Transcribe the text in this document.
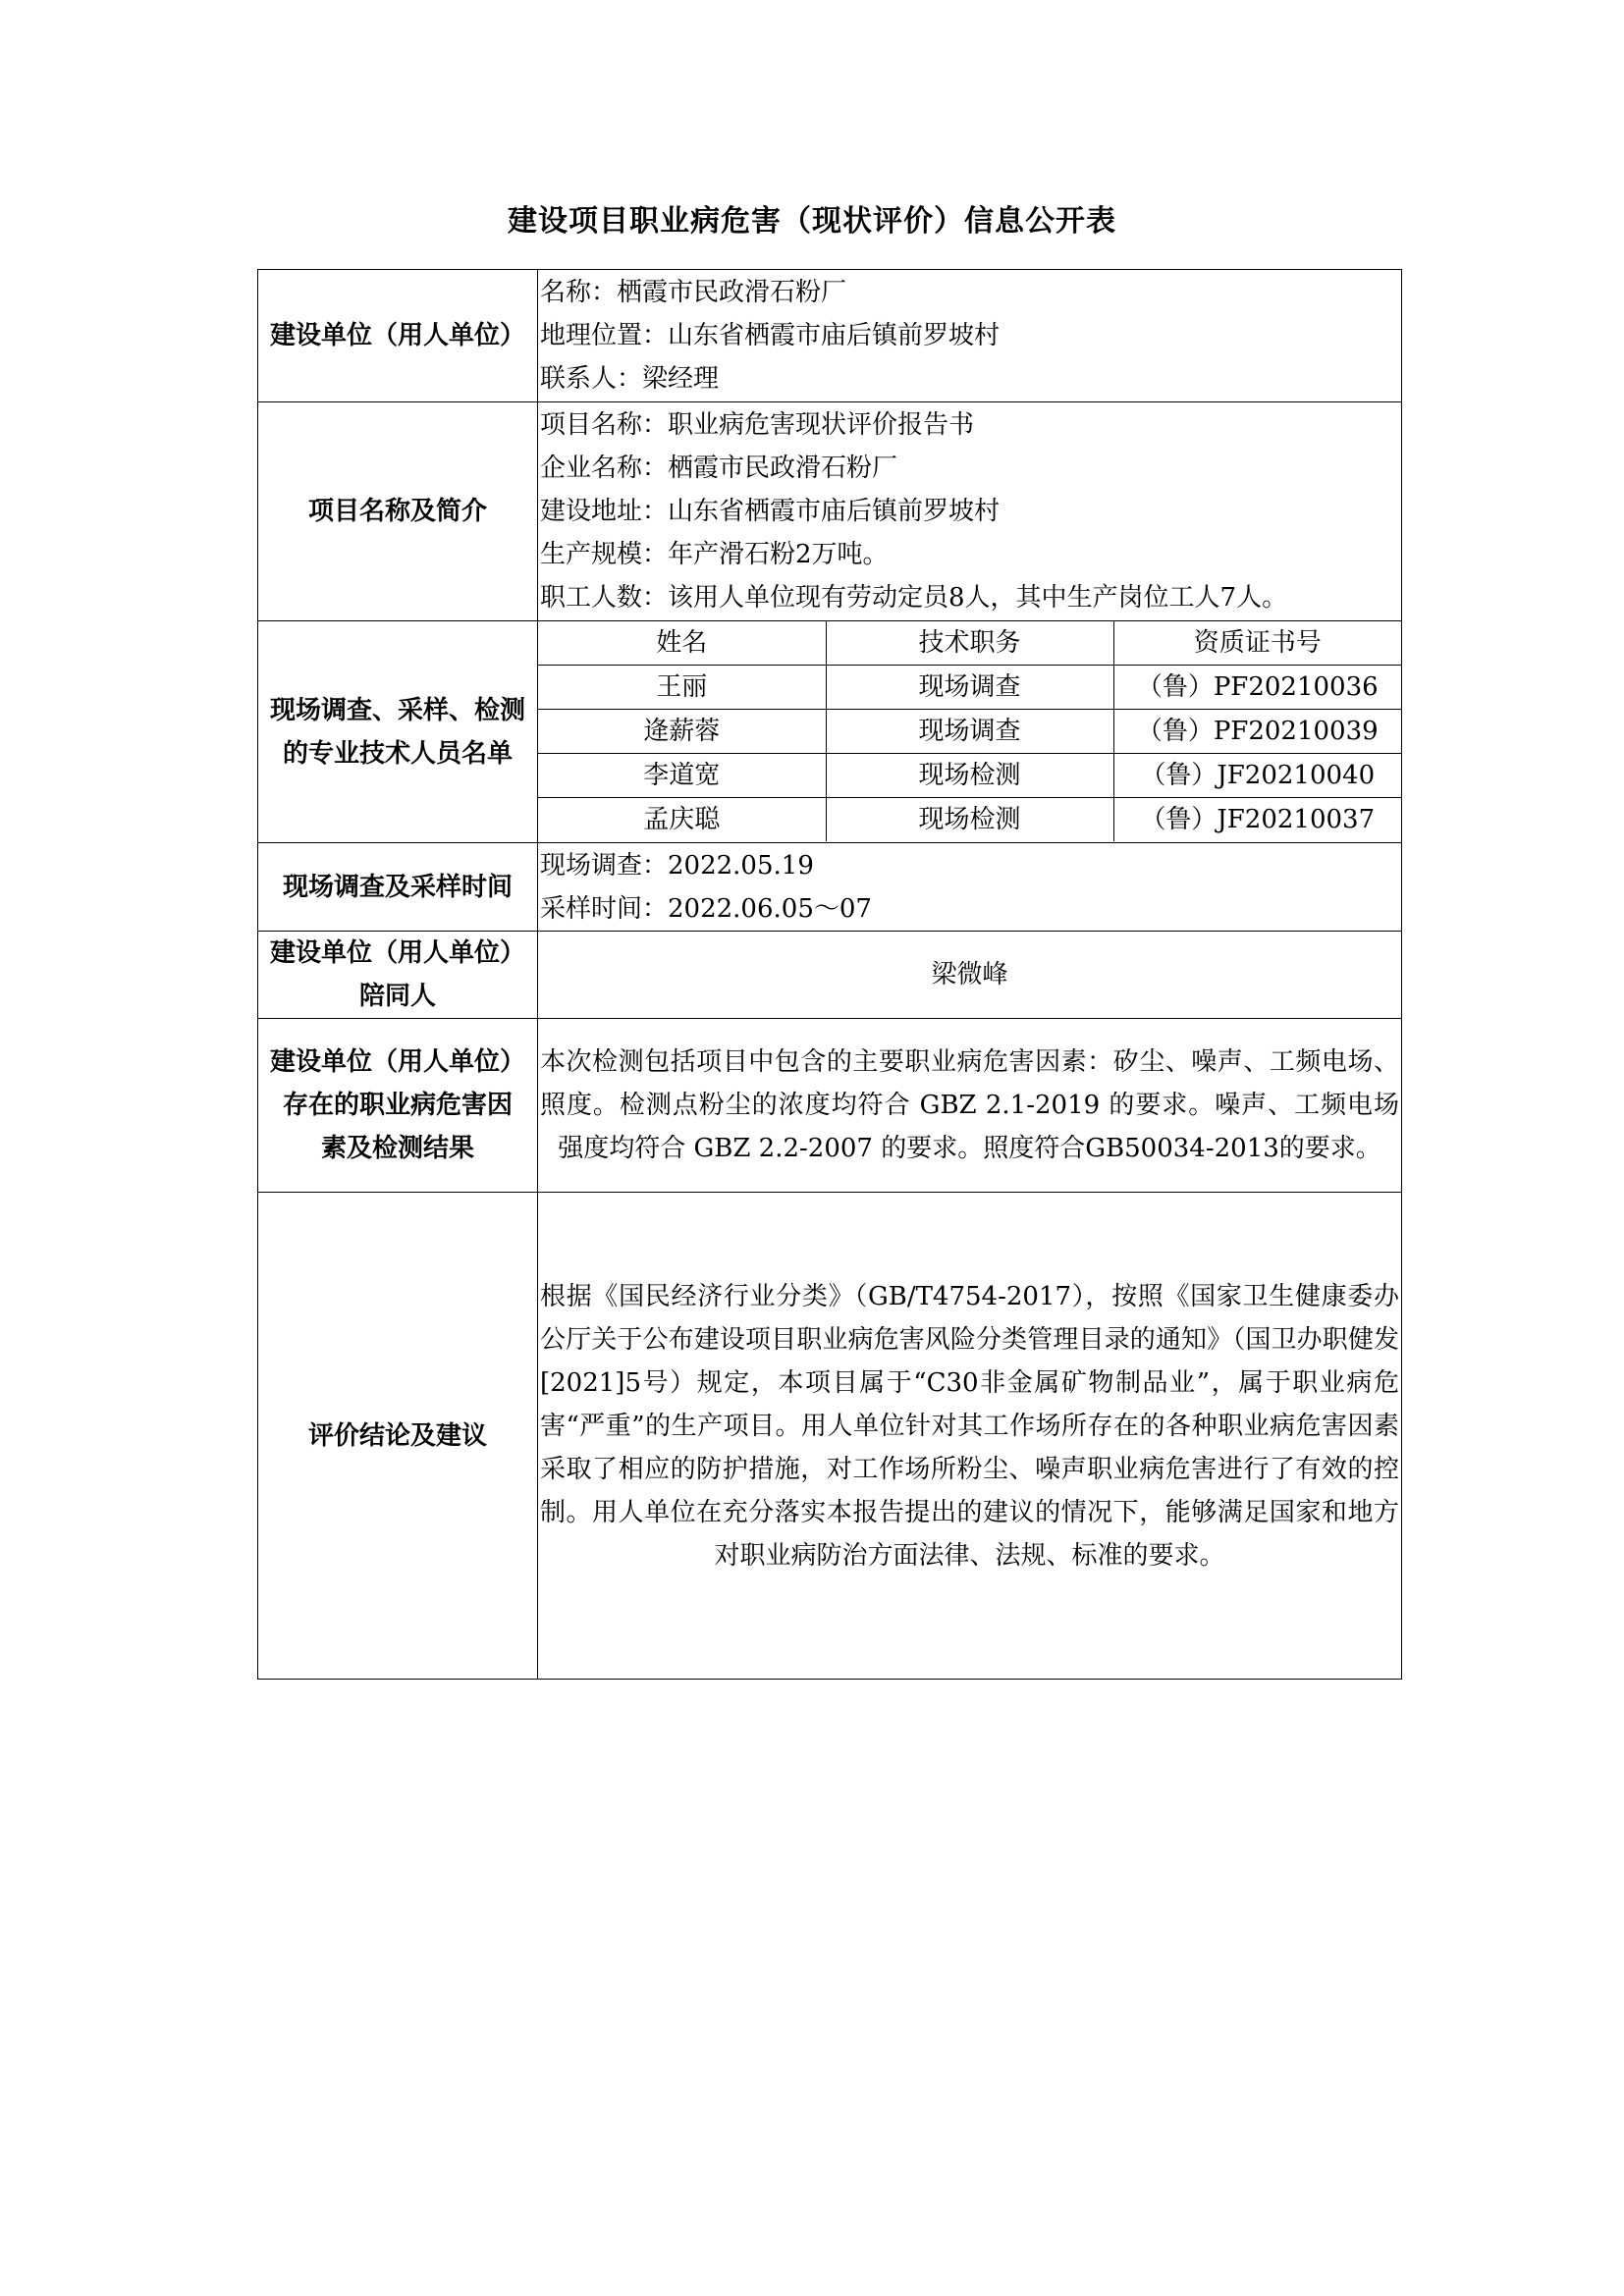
建设项目职业病危害（现状评价）信息公开表
建设单位（用人单位）	
名称：栖霞市民政滑石粉厂
地理位置：山东省栖霞市庙后镇前罗坡村
联系人：梁经理

项目名称及简介	
项目名称：职业病危害现状评价报告书
企业名称：栖霞市民政滑石粉厂
建设地址：山东省栖霞市庙后镇前罗坡村
生产规模：年产滑石粉2万吨。
职工人数：该用人单位现有劳动定员8人，其中生产岗位工人7人。

现场调查、采样、检测
的专业技术人员名单

姓名	技术职务	资质证书号
王丽	现场调查	（鲁）PF20210036
逄薪蓉	现场调查	（鲁）PF20210039
李道宽	现场检测	（鲁）JF20210040
孟庆聪	现场检测	（鲁）JF20210037

现场调查及采样时间	
现场调查：2022.05.19
采样时间：2022.06.05～07

建设单位（用人单位）
陪同人
	梁微峰

建设单位（用人单位）
存在的职业病危害因
素及检测结果

本次检测包括项目中包含的主要职业病危害因素：矽尘、噪声、工频电场、照度。检测点粉尘的浓度均符合 GBZ 2.1-2019 的要求。噪声、工频电场强度均符合 GBZ 2.2-2007 的要求。照度符合GB50034-2013的要求。

评价结论及建议	
根据《国民经济行业分类》（GB/T4754-2017），按照《国家卫生健康委办公厅关于公布建设项目职业病危害风险分类管理目录的通知》（国卫办职健发[2021]5号）规定，本项目属于“C30非金属矿物制品业”，属于职业病危害“严重”的生产项目。用人单位针对其工作场所存在的各种职业病危害因素采取了相应的防护措施，对工作场所粉尘、噪声职业病危害进行了有效的控制。用人单位在充分落实本报告提出的建议的情况下，能够满足国家和地方对职业病防治方面法律、法规、标准的要求。
